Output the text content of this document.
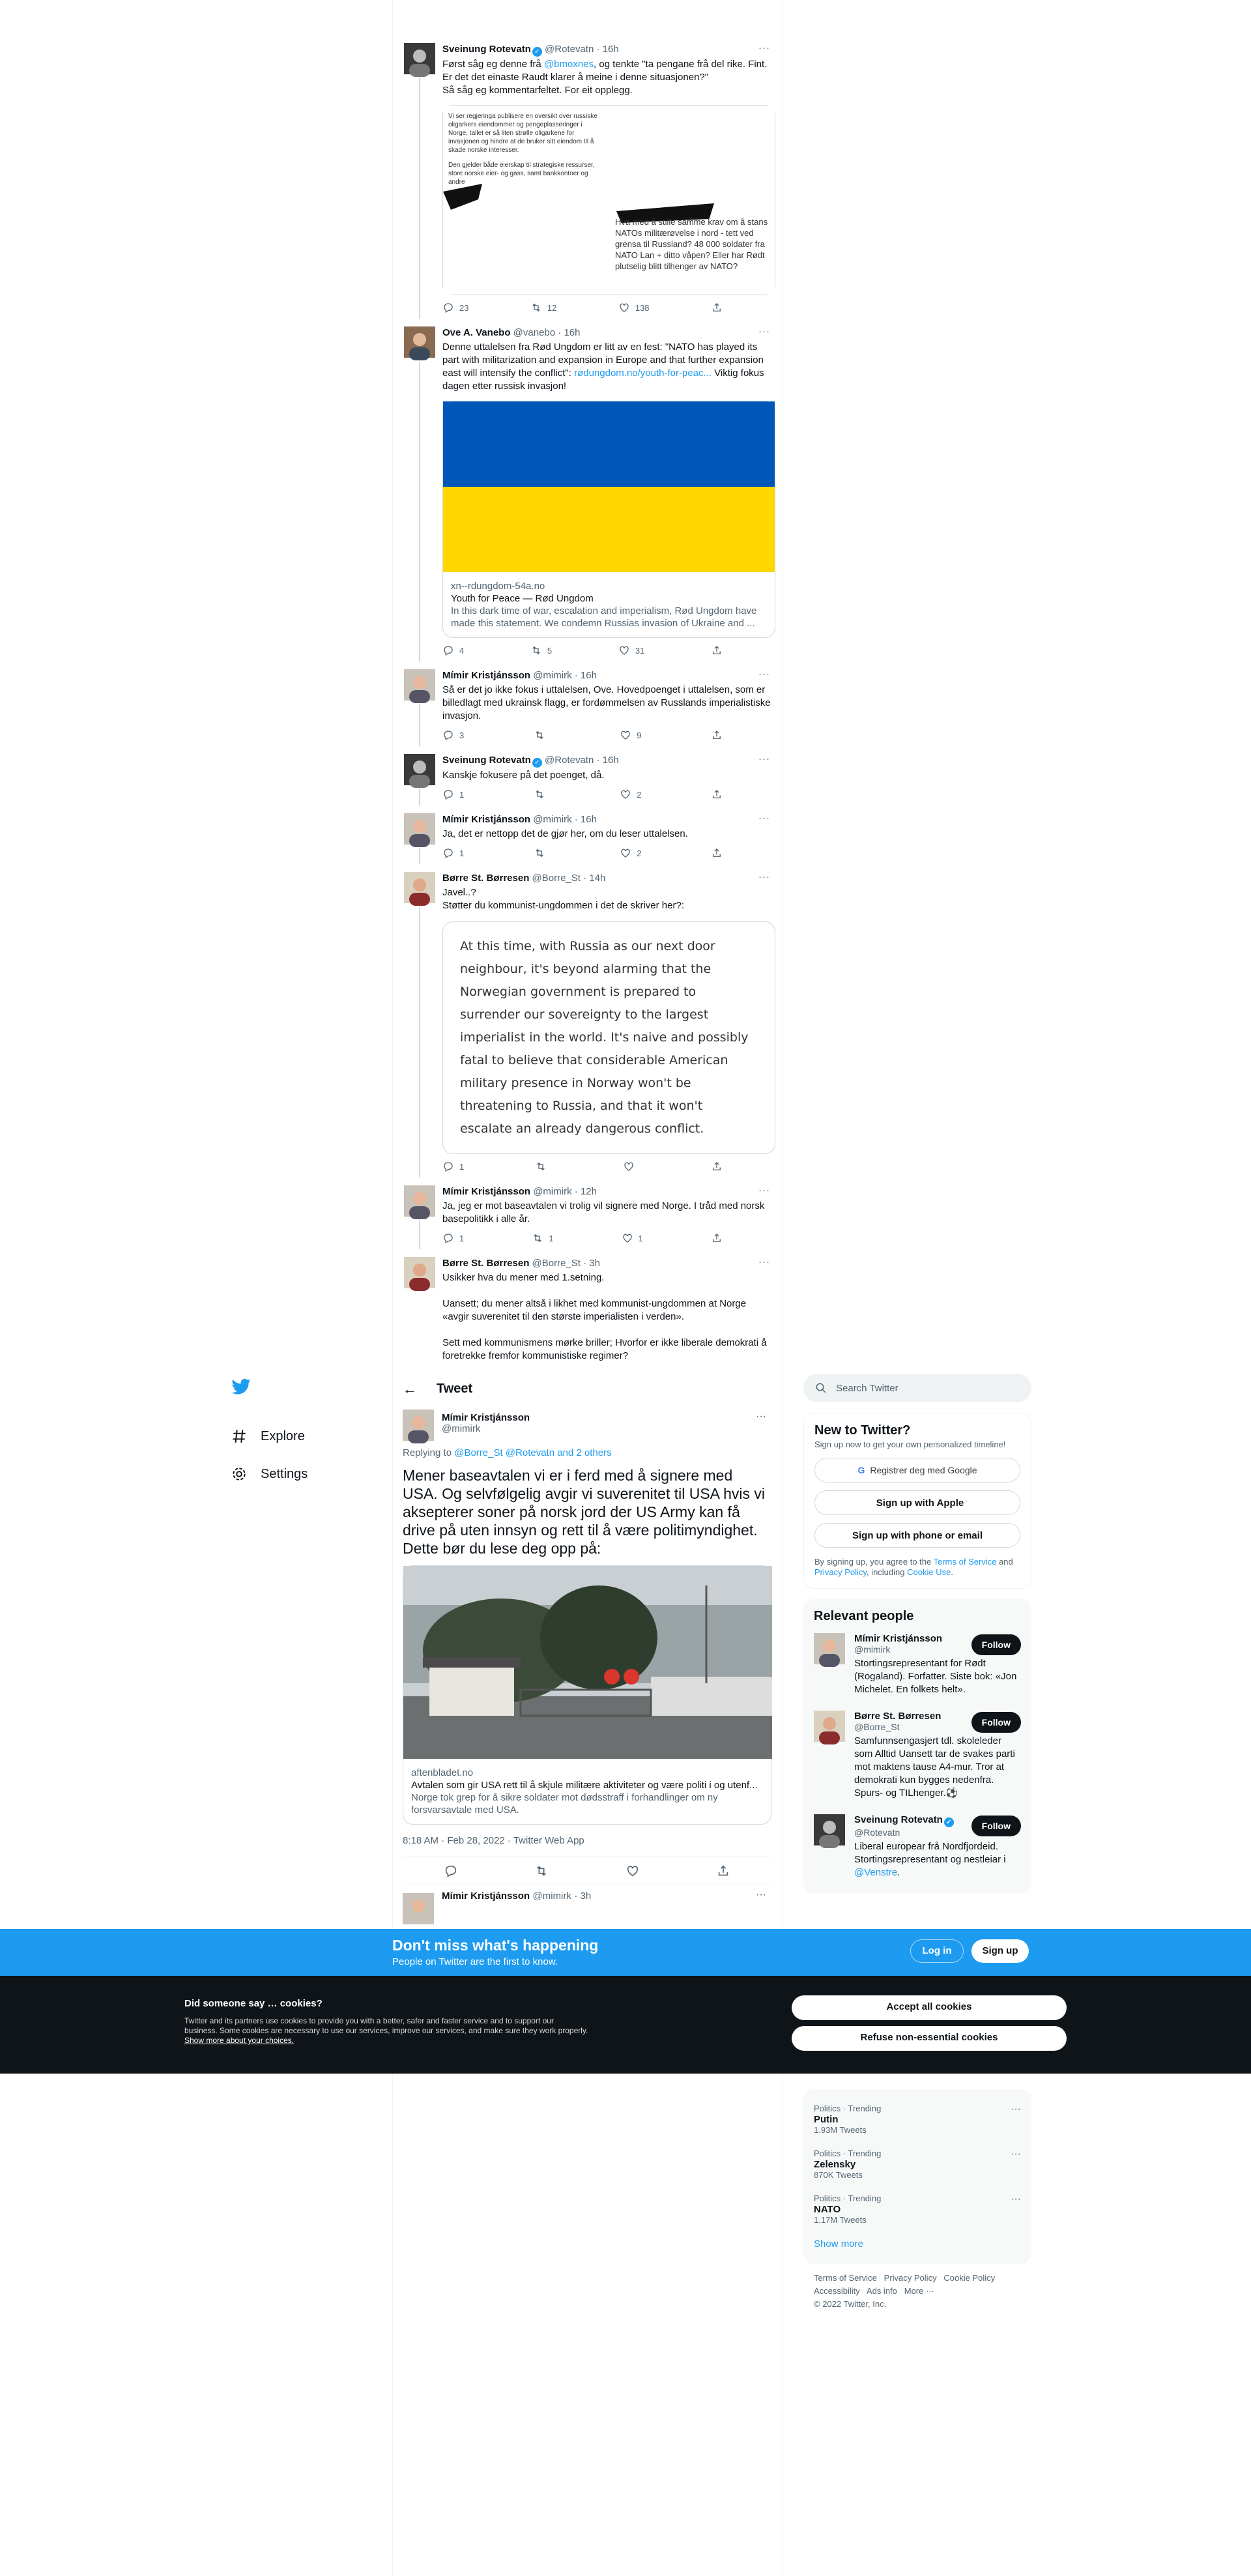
Sveinung Rotevatn ✓ @Rotevatn · 16h	···

Først såg eg denne frå @bmoxnes, og tenkte "ta pengane frå del rike. Fint. Er det det einaste Raudt klarer å meine i denne situasjonen?"

Så såg eg kommentarfeltet. For eit opplegg.

Vi ser regjeringa publisere en oversikt over russiske oligarkers eiendommer og pengeplasseringer i Norge, tallet er så liten strølle oligarkene for invasjonen og hindre at de bruker sitt eiendom til å skade norske interesser.

Den gjelder både eierskap til strategiske ressurser, store norske eier- og gass, samt bankkontoer og andre

Hva med å stille samme krav om å stans NATOs militærøvelse i nord - tett ved grensa til Russland? 48 000 soldater fra NATO Lan + ditto våpen? Eller har Rødt plutselig blitt tilhenger av NATO?

23	12	138
Ove A. Vanebo @vanebo · 16h	···

Denne uttalelsen fra Rød Ungdom er litt av en fest: "NATO has played its part with militarization and expansion in Europe and that further expansion east will intensify the conflict": rødungdom.no/youth-for-peac... Viktig fokus dagen etter russisk invasjon!

xn--rdungdom-54a.no
Youth for Peace — Rød Ungdom
In this dark time of war, escalation and imperialism, Rød Ungdom have made this statement. We condemn Russias invasion of Ukraine and ...
4	5	31
Mímir Kristjánsson @mimirk · 16h	···
Så er det jo ikke fokus i uttalelsen, Ove. Hovedpoenget i uttalelsen, som er billedlagt med ukrainsk flagg, er fordømmelsen av Russlands imperialistiske invasjon.
3	9
Sveinung Rotevatn ✓ @Rotevatn · 16h	···
Kanskje fokusere på det poenget, då.
1	2
Mímir Kristjánsson @mimirk · 16h	···
Ja, det er nettopp det de gjør her, om du leser uttalelsen.
1	2
Børre St. Børresen @Borre_St · 14h	···

Javel..?

Støtter du kommunist-ungdommen i det de skriver her?:

At this time, with Russia as our next door neighbour, it's beyond alarming that the Norwegian government is prepared to surrender our sovereignty to the largest imperialist in the world. It's naive and possibly fatal to believe that considerable American military presence in Norway won't be threatening to Russia, and that it won't escalate an already dangerous conflict.
1
Mímir Kristjánsson @mimirk · 12h	···
Ja, jeg er mot baseavtalen vi trolig vil signere med Norge. I tråd med norsk basepolitikk i alle år.
1	1	1
Børre St. Børresen @Borre_St · 3h	···

Usikker hva du mener med 1.setning.

Uansett; du mener altså i likhet med kommunist-ungdommen at Norge «avgir suverenitet til den største imperialisten i verden».

Sett med kommunismens mørke briller; Hvorfor er ikke liberale demokrati å foretrekke fremfor kommunistiske regimer?

Explore
Settings
← Tweet
Mímir Kristjánsson
@mimirk
···
Replying to @Borre_St @Rotevatn and 2 others
Mener baseavtalen vi er i ferd med å signere med USA. Og selvfølgelig avgir vi suverenitet til USA hvis vi aksepterer soner på norsk jord der US Army kan få drive på uten innsyn og rett til å være politimyndighet. Dette bør du lese deg opp på:
aftenbladet.no
Avtalen som gir USA rett til å skjule militære aktiviteter og være politi i og utenf...
Norge tok grep for å sikre soldater mot dødsstraff i forhandlinger om ny forsvarsavtale med USA.
8:18 AM · Feb 28, 2022 · Twitter Web App
Mímir Kristjánsson @mimirk · 3h	···
Search Twitter
New to Twitter?
Sign up now to get your own personalized timeline!
G Registrer deg med Google
Sign up with Apple
Sign up with phone or email
By signing up, you agree to the Terms of Service and Privacy Policy, including Cookie Use.
Relevant people
Mímir Kristjánsson
@mimirk
Stortingsrepresentant for Rødt (Rogaland). Forfatter. Siste bok: «Jon Michelet. En folkets helt».
Follow
Børre St. Børresen
@Borre_St
Samfunnsengasjert tdl. skoleleder som Alltid Uansett tar de svakes parti mot maktens tause A4-mur. Tror at demokrati kun bygges nedenfra. Spurs- og TILhenger.⚽
Follow
Sveinung Rotevatn ✓
@Rotevatn
Liberal europear frå Nordfjordeid. Stortingsrepresentant og nestleiar i @Venstre.
Follow
Politics · Trending
Putin
1.93M Tweets
···
Politics · Trending
Zelensky
870K Tweets
···
Politics · Trending
NATO
1.17M Tweets
···
Show more
Terms of Service Privacy Policy Cookie Policy
Accessibility Ads info More ···
© 2022 Twitter, Inc.
Don't miss what's happening
People on Twitter are the first to know.
Log in	Sign up
Did someone say … cookies?
Twitter and its partners use cookies to provide you with a better, safer and faster service and to support our business. Some cookies are necessary to use our services, improve our services, and make sure they work properly. Show more about your choices.
Accept all cookies
Refuse non-essential cookies
